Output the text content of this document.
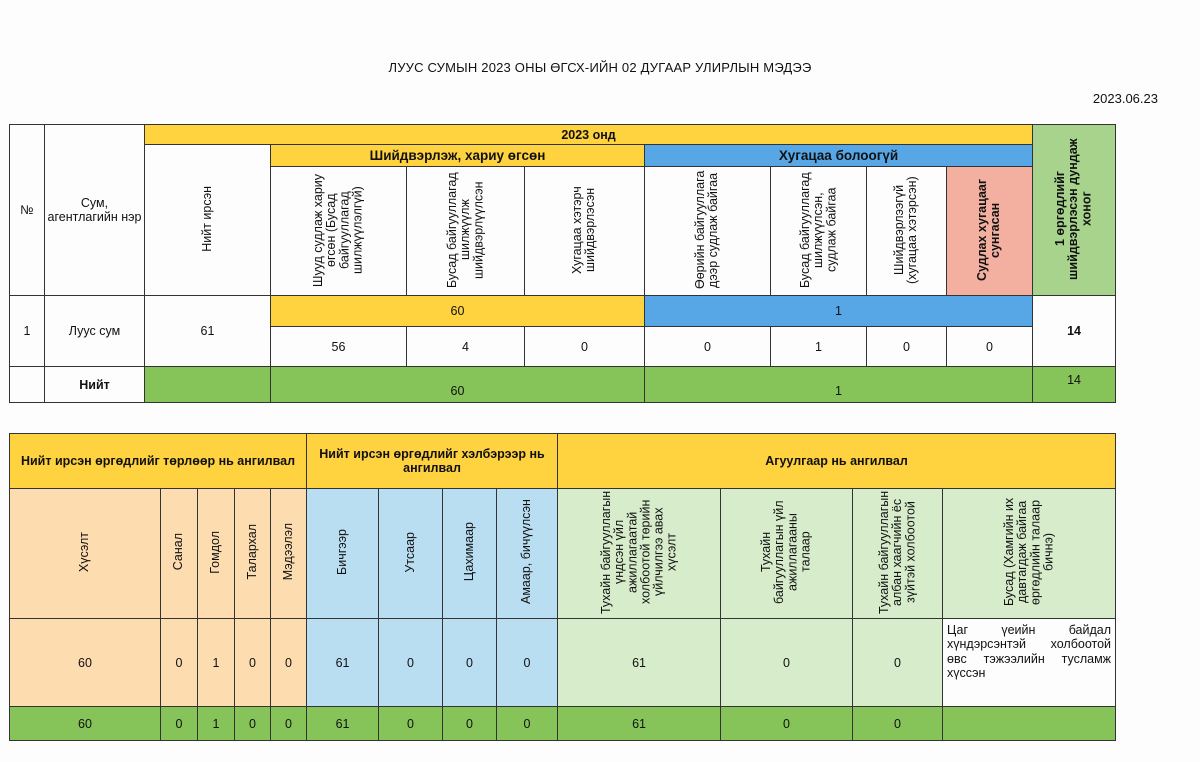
ЛУУС СУМЫН 2023 ОНЫ ӨГСХ-ИЙН 02 ДУГААР УЛИРЛЫН МЭДЭЭ
2023.06.23
№	Сум, агентлагийн нэр	2023 онд								1 өргөдлийг шийдвэрлэсэн дундаж хоног
		Нийт ирсэн	Шийдвэрлэж, хариу өгсөн			Хугацаа болоогүй				
			Шууд судлаж хариу өгсөн (Бусад байгууллагад шилжүүлэлгүй)	Бусад байгууллагад шилжүүлж шийдвэрлүүлсэн	Хугацаа хэтэрч шийдвэрлэсэн	Өөрийн байгууллага дээр судлаж байгаа	Бусад байгууллагад шилжүүлсэн, судлаж байгаа	Шийдвэрлээгүй (хугацаа хэтэрсэн)	Судлах хугацааг сунгасан	
1	Луус сум	61	60			1				14
			56	4	0	0	1	0	0	
	Нийт		60			1				14
Нийт ирсэн өргөдлийг төрлөөр нь ангилвал					Нийт ирсэн өргөдлийг хэлбэрээр нь ангилвал				Агуулгаар нь ангилвал			
Хүсэлт	Санал	Гомдол	Талархал	Мэдээлэл	Бичгээр	Утсаар	Цахимаар	Амаар, бичүүлсэн	Тухайн байгууллагын үндсэн үйл ажиллагаатай холбоотой төрийн үйлчилгээ авах хүсэлт	Тухайн байгууллагын үйл ажиллагааны талаар	Тухайн байгууллагын албан хаагчийн ёс зүйтэй холбоотой	Бусад (Хамгийн их давтагдаж байгаа өргөдлийн талаар бичнэ)
60	0	1	0	0	61	0	0	0	61	0	0	Цаг үеийн байдал хүндэрсэнтэй холбоотой өвс тэжээлийн тусламж хүссэн
60	0	1	0	0	61	0	0	0	61	0	0	
